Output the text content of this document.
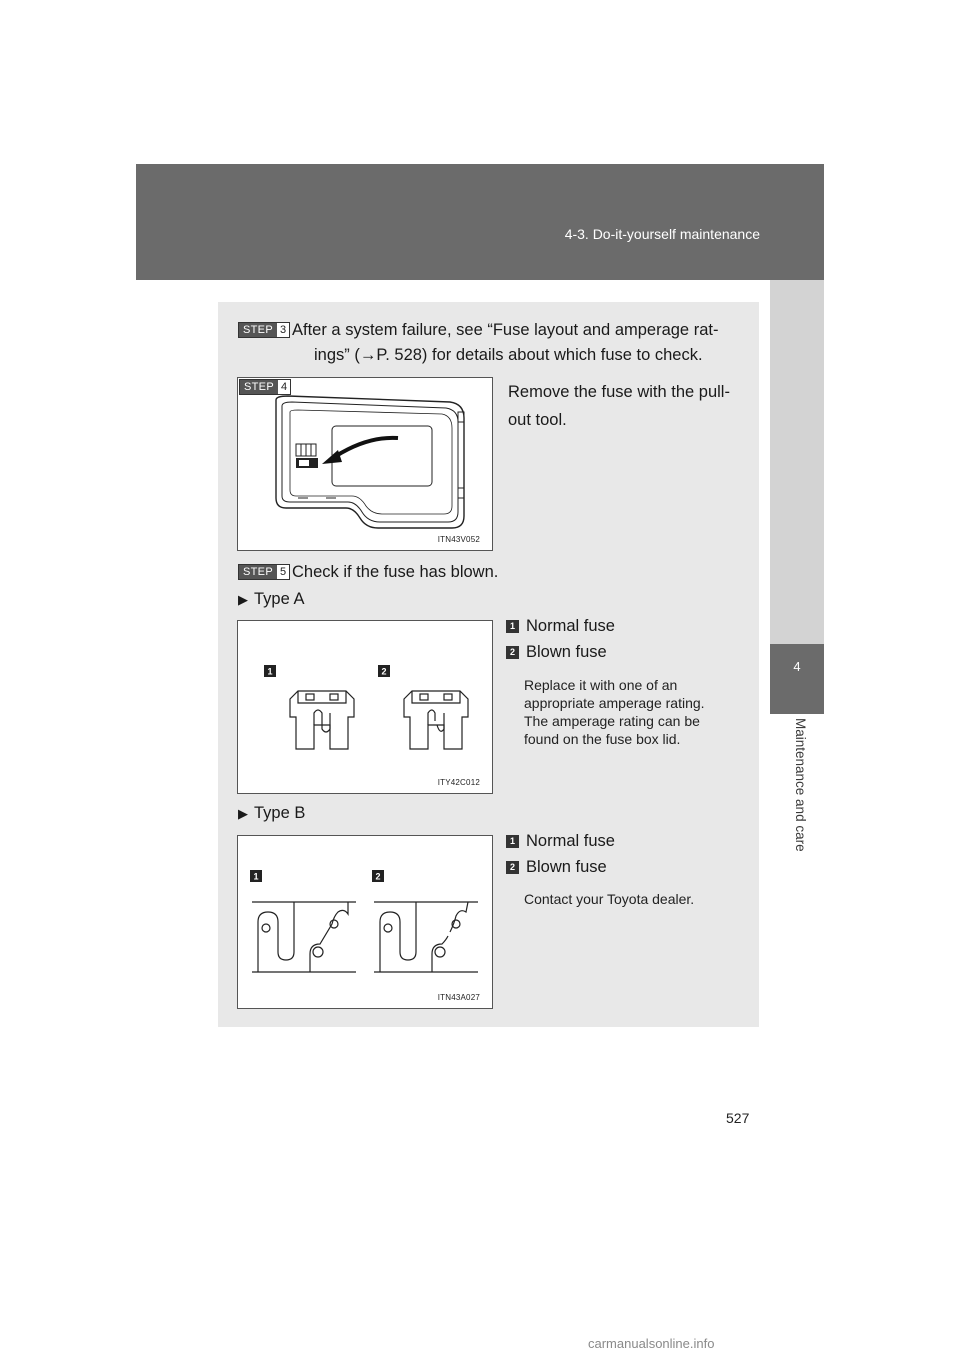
4-3. Do-it-yourself maintenance
4
Maintenance and care
STEP 3 After a system failure, see “Fuse layout and amperage rat-
ings” (→P. 528) for details about which fuse to check.
STEP 4
ITN43V052
Remove the fuse with the pull-
out tool.
STEP 5 Check if the fuse has blown.
▶ Type A
1	2
ITY42C012
1 Normal fuse
2 Blown fuse
Replace it with one of an
appropriate amperage rating.
The amperage rating can be
found on the fuse box lid.
▶ Type B
1	2
ITN43A027
1 Normal fuse
2 Blown fuse
Contact your Toyota dealer.
527
carmanualsonline.info
